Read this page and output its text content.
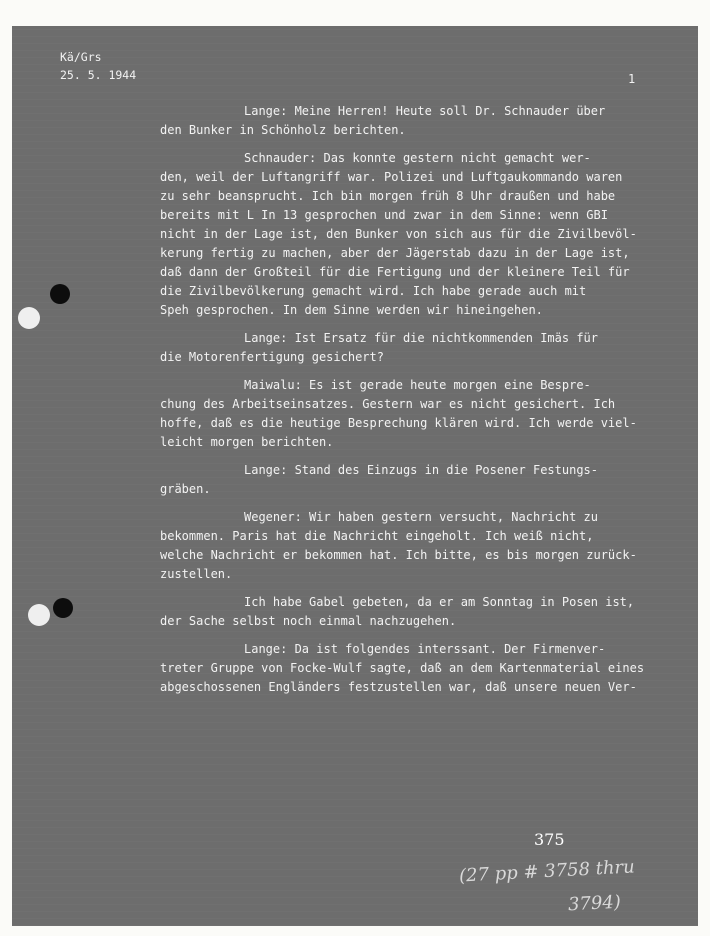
Kä/Grs
25. 5. 1944	1
Lange: Meine Herren! Heute soll Dr. Schnauder über
den Bunker in Schönholz berichten.
Schnauder: Das konnte gestern nicht gemacht wer-
den, weil der Luftangriff war. Polizei und Luftgaukommando waren
zu sehr beansprucht. Ich bin morgen früh 8 Uhr draußen und habe
bereits mit L In 13 gesprochen und zwar in dem Sinne: wenn GBI
nicht in der Lage ist, den Bunker von sich aus für die Zivilbevöl-
kerung fertig zu machen, aber der Jägerstab dazu in der Lage ist,
daß dann der Großteil für die Fertigung und der kleinere Teil für
die Zivilbevölkerung gemacht wird. Ich habe gerade auch mit
Speh gesprochen. In dem Sinne werden wir hineingehen.
Lange: Ist Ersatz für die nichtkommenden Imäs für
die Motorenfertigung gesichert?
Maiwalu: Es ist gerade heute morgen eine Bespre-
chung des Arbeitseinsatzes. Gestern war es nicht gesichert. Ich
hoffe, daß es die heutige Besprechung klären wird. Ich werde viel-
leicht morgen berichten.
Lange: Stand des Einzugs in die Posener Festungs-
gräben.
Wegener: Wir haben gestern versucht, Nachricht zu
bekommen. Paris hat die Nachricht eingeholt. Ich weiß nicht,
welche Nachricht er bekommen hat. Ich bitte, es bis morgen zurück-
zustellen.
Ich habe Gabel gebeten, da er am Sonntag in Posen ist,
der Sache selbst noch einmal nachzugehen.
Lange: Da ist folgendes interssant. Der Firmenver-
treter Gruppe von Focke-Wulf sagte, daß an dem Kartenmaterial eines
abgeschossenen Engländers festzustellen war, daß unsere neuen Ver-
375
(27 pp # 3758 thru
3794)
